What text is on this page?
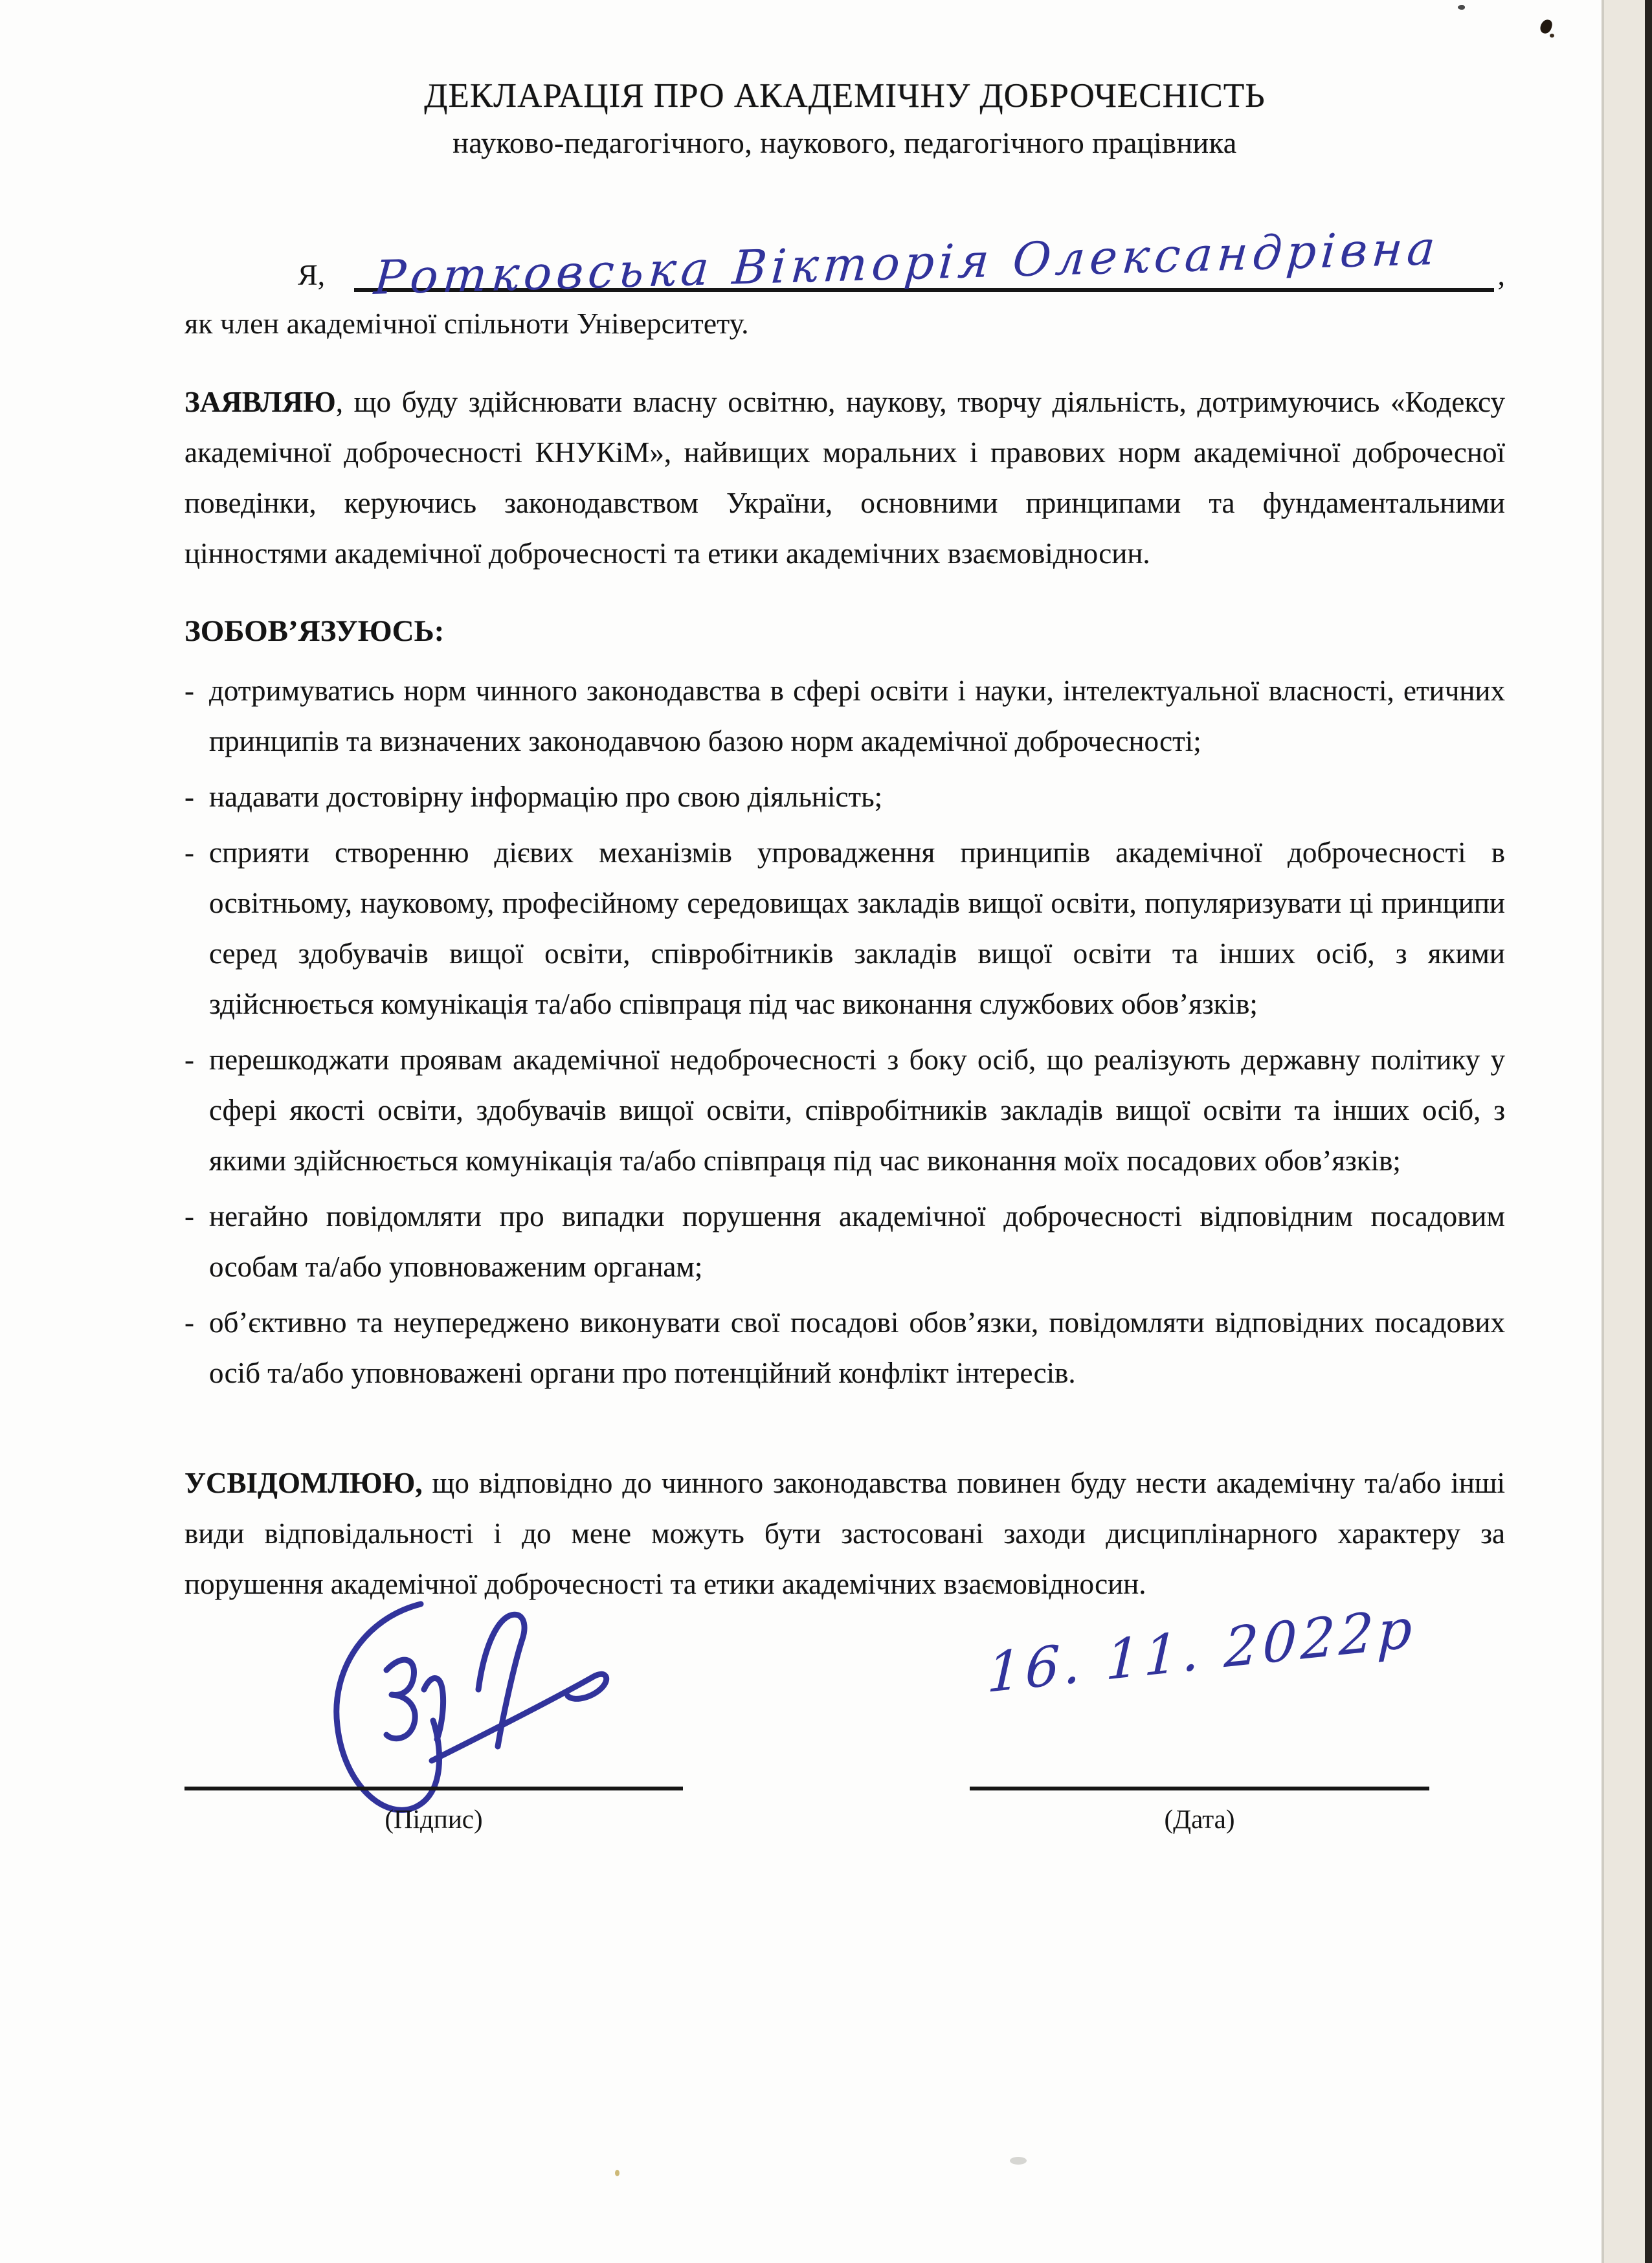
ДЕКЛАРАЦІЯ ПРО АКАДЕМІЧНУ ДОБРОЧЕСНІСТЬ
науково-педагогічного, наукового, педагогічного працівника
Я, Ротковська Вікторія Олександрівна ,
як член академічної спільноти Університету.

ЗАЯВЛЯЮ, що буду здійснювати власну освітню, наукову, творчу діяльність, дотримуючись «Кодексу академічної доброчесності КНУКіМ», найвищих моральних і правових норм академічної доброчесної поведінки, керуючись законодавством України, основними принципами та фундаментальними цінностями академічної доброчесності та етики академічних взаємовідносин.

ЗОБОВ’ЯЗУЮСЬ:
- дотримуватись норм чинного законодавства в сфері освіти і науки, інтелектуальної власності, етичних принципів та визначених законодавчою базою норм академічної доброчесності;
- надавати достовірну інформацію про свою діяльність;
- сприяти створенню дієвих механізмів упровадження принципів академічної доброчесності в освітньому, науковому, професійному середовищах закладів вищої освіти, популяризувати ці принципи серед здобувачів вищої освіти, співробітників закладів вищої освіти та інших осіб, з якими здійснюється комунікація та/або співпраця під час виконання службових обов’язків;
- перешкоджати проявам академічної недоброчесності з боку осіб, що реалізують державну політику у сфері якості освіти, здобувачів вищої освіти, співробітників закладів вищої освіти та інших осіб, з якими здійснюється комунікація та/або співпраця під час виконання моїх посадових обов’язків;
- негайно повідомляти про випадки порушення академічної доброчесності відповідним посадовим особам та/або уповноваженим органам;
- об’єктивно та неупереджено виконувати свої посадові обов’язки, повідомляти відповідних посадових осіб та/або уповноважені органи про потенційний конфлікт інтересів.

УСВІДОМЛЮЮ, що відповідно до чинного законодавства повинен буду нести академічну та/або інші види відповідальності і до мене можуть бути застосовані заходи дисциплінарного характеру за порушення академічної доброчесності та етики академічних взаємовідносин.

(Підпис)
16. 11. 2022р
(Дата)
